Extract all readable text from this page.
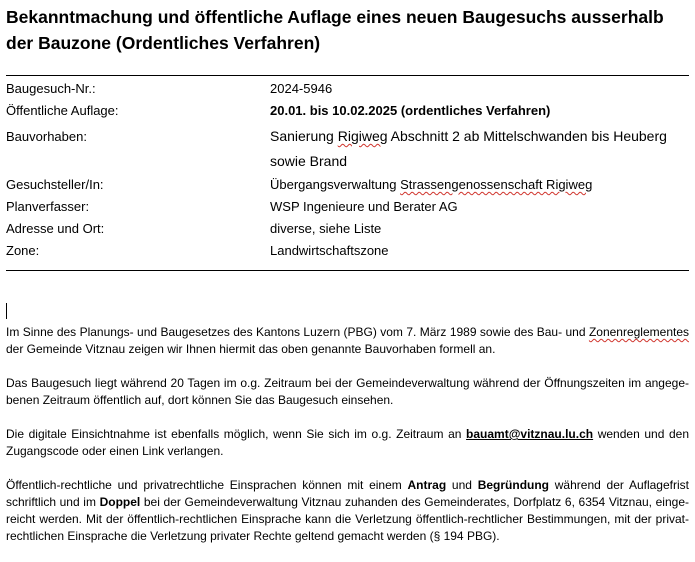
Bekanntmachung und öffentliche Auflage eines neuen Baugesuchs ausserhalb der Bauzone (Ordentliches Verfahren)
Baugesuch-Nr.:	2024-5946
Öffentliche Auflage:	20.01. bis 10.02.2025 (ordentliches Verfahren)
Bauvorhaben:	Sanierung Rigiweg Abschnitt 2 ab Mittelschwanden bis Heuberg sowie Brand
Gesuchsteller/In:	Übergangsverwaltung Strassengenossenschaft Rigiweg
Planverfasser:	WSP Ingenieure und Berater AG
Adresse und Ort:	diverse, siehe Liste
Zone:	Landwirtschaftszone

Im Sinne des Planungs- und Baugesetzes des Kantons Luzern (PBG) vom 7. März 1989 sowie des Bau- und Zonenreglementes der Gemeinde Vitznau zeigen wir Ihnen hiermit das oben genannte Bauvorhaben formell an.

Das Baugesuch liegt während 20 Tagen im o.g. Zeitraum bei der Gemeindeverwaltung während der Öffnungszeiten im angegebenen Zeitraum öffentlich auf, dort können Sie das Baugesuch einsehen.

Die digitale Einsichtnahme ist ebenfalls möglich, wenn Sie sich im o.g. Zeitraum an bauamt@vitznau.lu.ch wenden und den Zugangscode oder einen Link verlangen.

Öffentlich-rechtliche und privatrechtliche Einsprachen können mit einem Antrag und Begründung während der Auflagefrist schriftlich und im Doppel bei der Gemeindeverwaltung Vitznau zuhanden des Gemeinderates, Dorfplatz 6, 6354 Vitznau, eingereicht werden. Mit der öffentlich-rechtlichen Einsprache kann die Verletzung öffentlich-rechtlicher Bestimmungen, mit der privatrechtlichen Einsprache die Verletzung privater Rechte geltend gemacht werden (§ 194 PBG).
